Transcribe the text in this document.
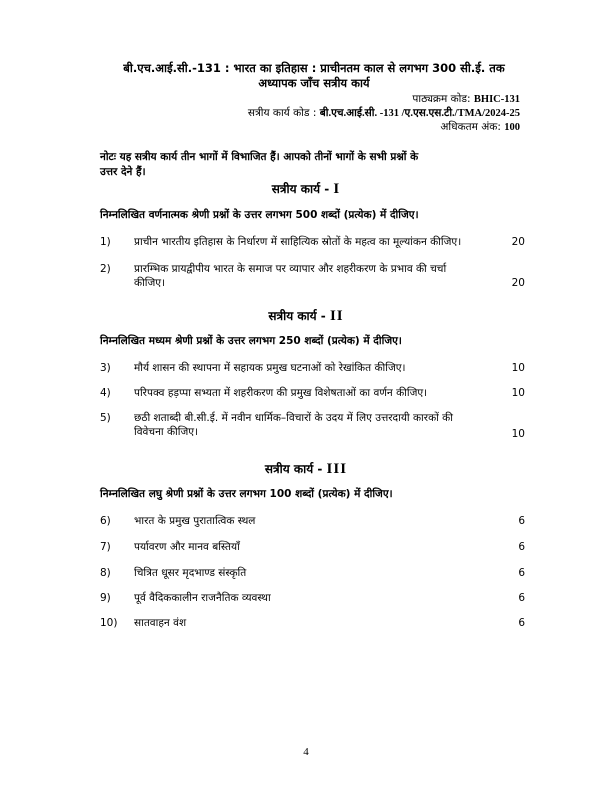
बी.एच.आई.सी.-131 : भारत का इतिहास : प्राचीनतम काल से लगभग 300 सी.ई. तक
अध्यापक जाँच सत्रीय कार्य
पाठ्यक्रम कोड: BHIC-131
सत्रीय कार्य कोड : बी.एच.आई.सी. -131 /ए.एस.एस.टी./TMA/2024-25
अधिकतम अंक: 100
नोटः यह सत्रीय कार्य तीन भागों में विभाजित हैं। आपको तीनों भागों के सभी प्रश्नों के
उत्तर देने हैं।
सत्रीय कार्य - I
निम्नलिखित वर्णनात्मक श्रेणी प्रश्नों के उत्तर लगभग 500 शब्दों (प्रत्येक) में दीजिए।
1) प्राचीन भारतीय इतिहास के निर्धारण में साहित्यिक स्रोतों के महत्व का मूल्यांकन कीजिए।	20
2) प्रारम्भिक प्रायद्वीपीय भारत के समाज पर व्यापार और शहरीकरण के प्रभाव की चर्चा
कीजिए।	20
सत्रीय कार्य - II
निम्नलिखित मध्यम श्रेणी प्रश्नों के उत्तर लगभग 250 शब्दों (प्रत्येक) में दीजिए।
3) मौर्य शासन की स्थापना में सहायक प्रमुख घटनाओं को रेखांकित कीजिए।	10
4) परिपक्व हड़प्पा सभ्यता में शहरीकरण की प्रमुख विशेषताओं का वर्णन कीजिए।	10
5) छठी शताब्दी बी.सी.ई. में नवीन धार्मिक–विचारों के उदय में लिए उत्तरदायी कारकों की
विवेचना कीजिए।	10
सत्रीय कार्य - III
निम्नलिखित लघु श्रेणी प्रश्नों के उत्तर लगभग 100 शब्दों (प्रत्येक) में दीजिए।
6) भारत के प्रमुख पुरातात्विक स्थल	6
7) पर्यावरण और मानव बस्तियाँ	6
8) चित्रित धूसर मृदभाण्ड संस्कृति	6
9) पूर्व वैदिककालीन राजनैतिक व्यवस्था	6
10) सातवाहन वंश	6
4
